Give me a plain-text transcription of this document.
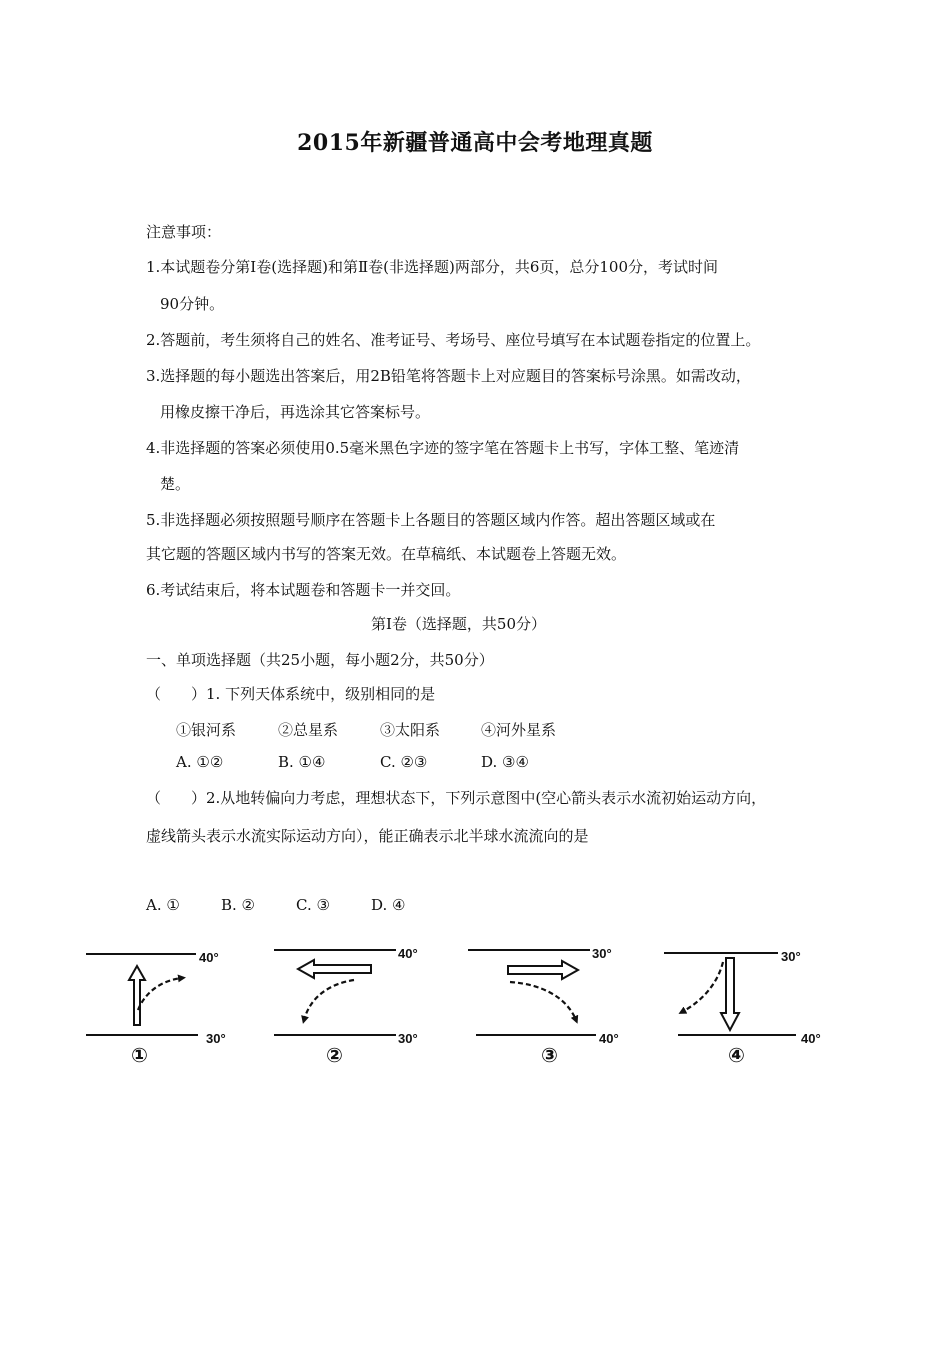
2015年新疆普通高中会考地理真题
注意事项：
1.本试题卷分第Ⅰ卷(选择题)和第Ⅱ卷(非选择题)两部分，共6页，总分100分，考试时间
90分钟。
2.答题前，考生须将自己的姓名、准考证号、考场号、座位号填写在本试题卷指定的位置上。
3.选择题的每小题选出答案后，用2B铅笔将答题卡上对应题目的答案标号涂黑。如需改动，
用橡皮擦干净后，再选涂其它答案标号。
4.非选择题的答案必须使用0.5毫米黑色字迹的签字笔在答题卡上书写，字体工整、笔迹清
楚。
5.非选择题必须按照题号顺序在答题卡上各题目的答题区域内作答。超出答题区域或在
其它题的答题区域内书写的答案无效。在草稿纸、本试题卷上答题无效。
6.考试结束后，将本试题卷和答题卡一并交回。
第Ⅰ卷（选择题，共50分）
一、单项选择题（共25小题，每小题2分，共50分）
（　　）1. 下列天体系统中，级别相同的是
①银河系	②总星系	③太阳系	④河外星系
A. ①②	B. ①④	C. ②③	D. ③④
（　　）2.从地转偏向力考虑，理想状态下，下列示意图中(空心箭头表示水流初始运动方向，
虚线箭头表示水流实际运动方向），能正确表示北半球水流流向的是
A. ①	B. ②	C. ③	D. ④
40°
30°
①
40°
30°
②
30°
40°
③
30°
40°
④
